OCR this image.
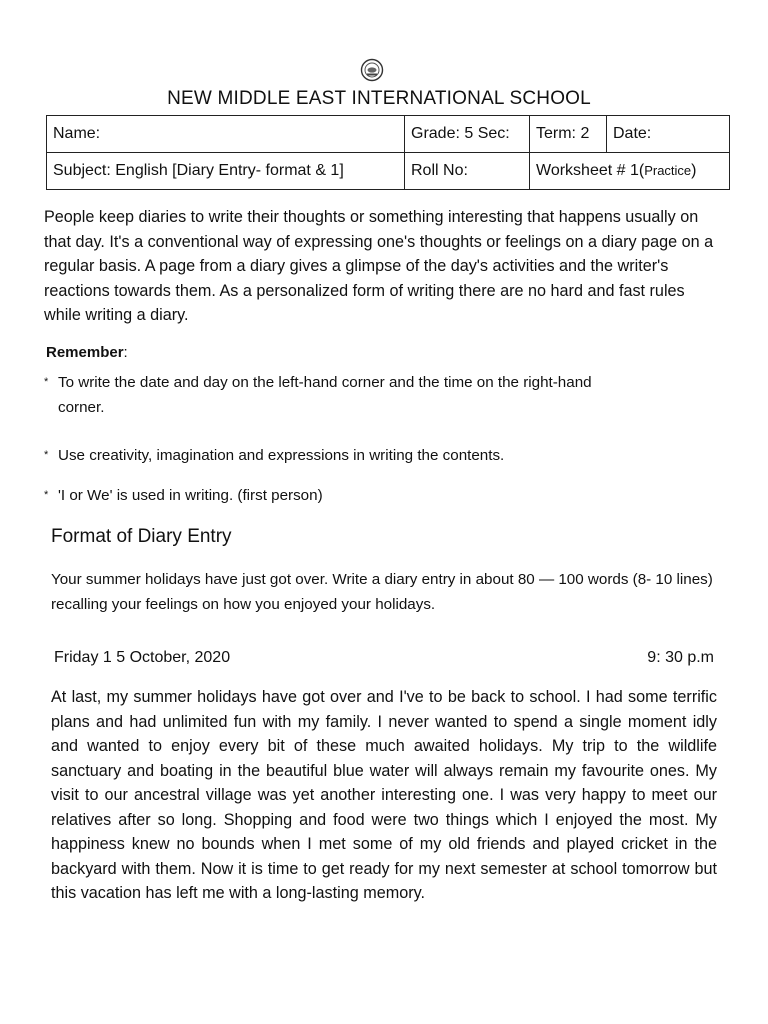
NEW MIDDLE EAST INTERNATIONAL SCHOOL
Name:	Grade: 5 Sec:	Term: 2	Date:
Subject: English [Diary Entry- format & 1]	Roll No:	Worksheet # 1(Practice)	
People keep diaries to write their thoughts or something interesting that happens usually on that day. It's a conventional way of expressing one's thoughts or feelings on a diary page on a regular basis. A page from a diary gives a glimpse of the day's activities and the writer's reactions towards them. As a personalized form of writing there are no hard and fast rules while writing a diary.
Remember:
* To write the date and day on the left-hand corner and the time on the right-hand
corner.
* Use creativity, imagination and expressions in writing the contents.
* 'I or We' is used in writing. (first person)
Format of Diary Entry
Your summer holidays have just got over. Write a diary entry in about 80 — 100 words (8- 10 lines) recalling your feelings on how you enjoyed your holidays.
Friday 1 5 October, 2020	9: 30 p.m
At last, my summer holidays have got over and I've to be back to school. I had some terrific plans and had unlimited fun with my family. I never wanted to spend a single moment idly and wanted to enjoy every bit of these much awaited holidays. My trip to the wildlife sanctuary and boating in the beautiful blue water will always remain my favourite ones. My visit to our ancestral village was yet another interesting one. I was very happy to meet our relatives after so long. Shopping and food were two things which I enjoyed the most. My happiness knew no bounds when I met some of my old friends and played cricket in the backyard with them. Now it is time to get ready for my next semester at school tomorrow but this vacation has left me with a long-lasting memory.
